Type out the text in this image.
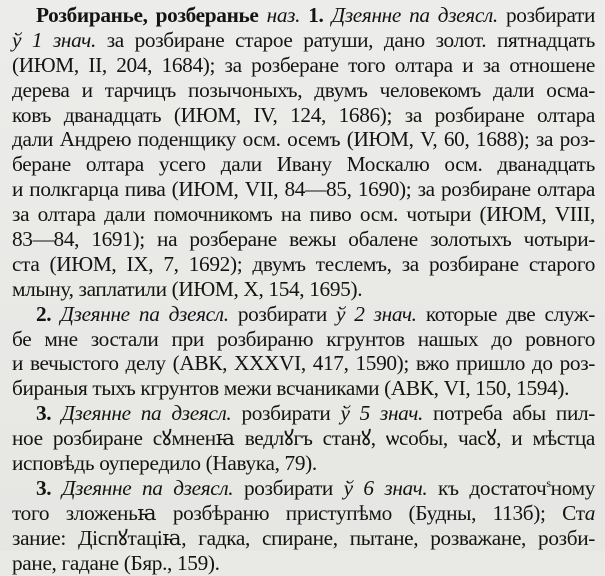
Розбиранье, розберанье наз. 1. Дзеянне па дзеясл. розбирати
ў 1 знач. за розбиране старое ратуши, дано золот. пятнадцать
(ИЮМ, II, 204, 1684); за розберане того олтара и за отношене
дерева и тарчицъ позычоныхъ, двумъ человекомъ дали осма-
ковъ дванадцать (ИЮМ, IV, 124, 1686); за розбиране олтара
дали Андрею поденщику осм. осемъ (ИЮМ, V, 60, 1688); за роз-
беране олтара усего дали Ивану Москалю осм. дванадцать
и полкгарца пива (ИЮМ, VII, 84—85, 1690); за розбиране олтара
за олтара дали помочникомъ на пиво осм. чотыри (ИЮМ, VIII,
83—84, 1691); на розберане вежы обалене золотыхъ чотыри-
ста (ИЮМ, IX, 7, 1692); двумъ теслемъ, за розбиране старого
млыну, заплатили (ИЮМ, X, 154, 1695).
2. Дзеянне па дзеясл. розбирати ў 2 знач. которые две служ-
бе мне зостали при розбираню кгрунтов нашых до ровного
и вечыстого делу (АВК, XXXVI, 417, 1590); вжо пришло до роз-
бираныя тыхъ кгрунтов межи всчаниками (АВК, VI, 150, 1594).
3. Дзеянне па дзеясл. розбирати ў 5 знач. потреба абы пил-
ное розбиране сꙋмненꙗ ведлꙋгъ станꙋ, ѡсобы, часꙋ, и мѣстца
исповѣдь оуперeдило (Навука, 79).
3. Дзеянне па дзеясл. розбирати ў 6 знач. къ достаточ$^s$ному
того зложеньꙗ розбѣраню приступѣмо (Будны, 113б); Ста
зание: Дiспꙋтацiꙗ, гадка, спиране, пытане, розважане, розби-
ране, гадане (Бяр., 159).
